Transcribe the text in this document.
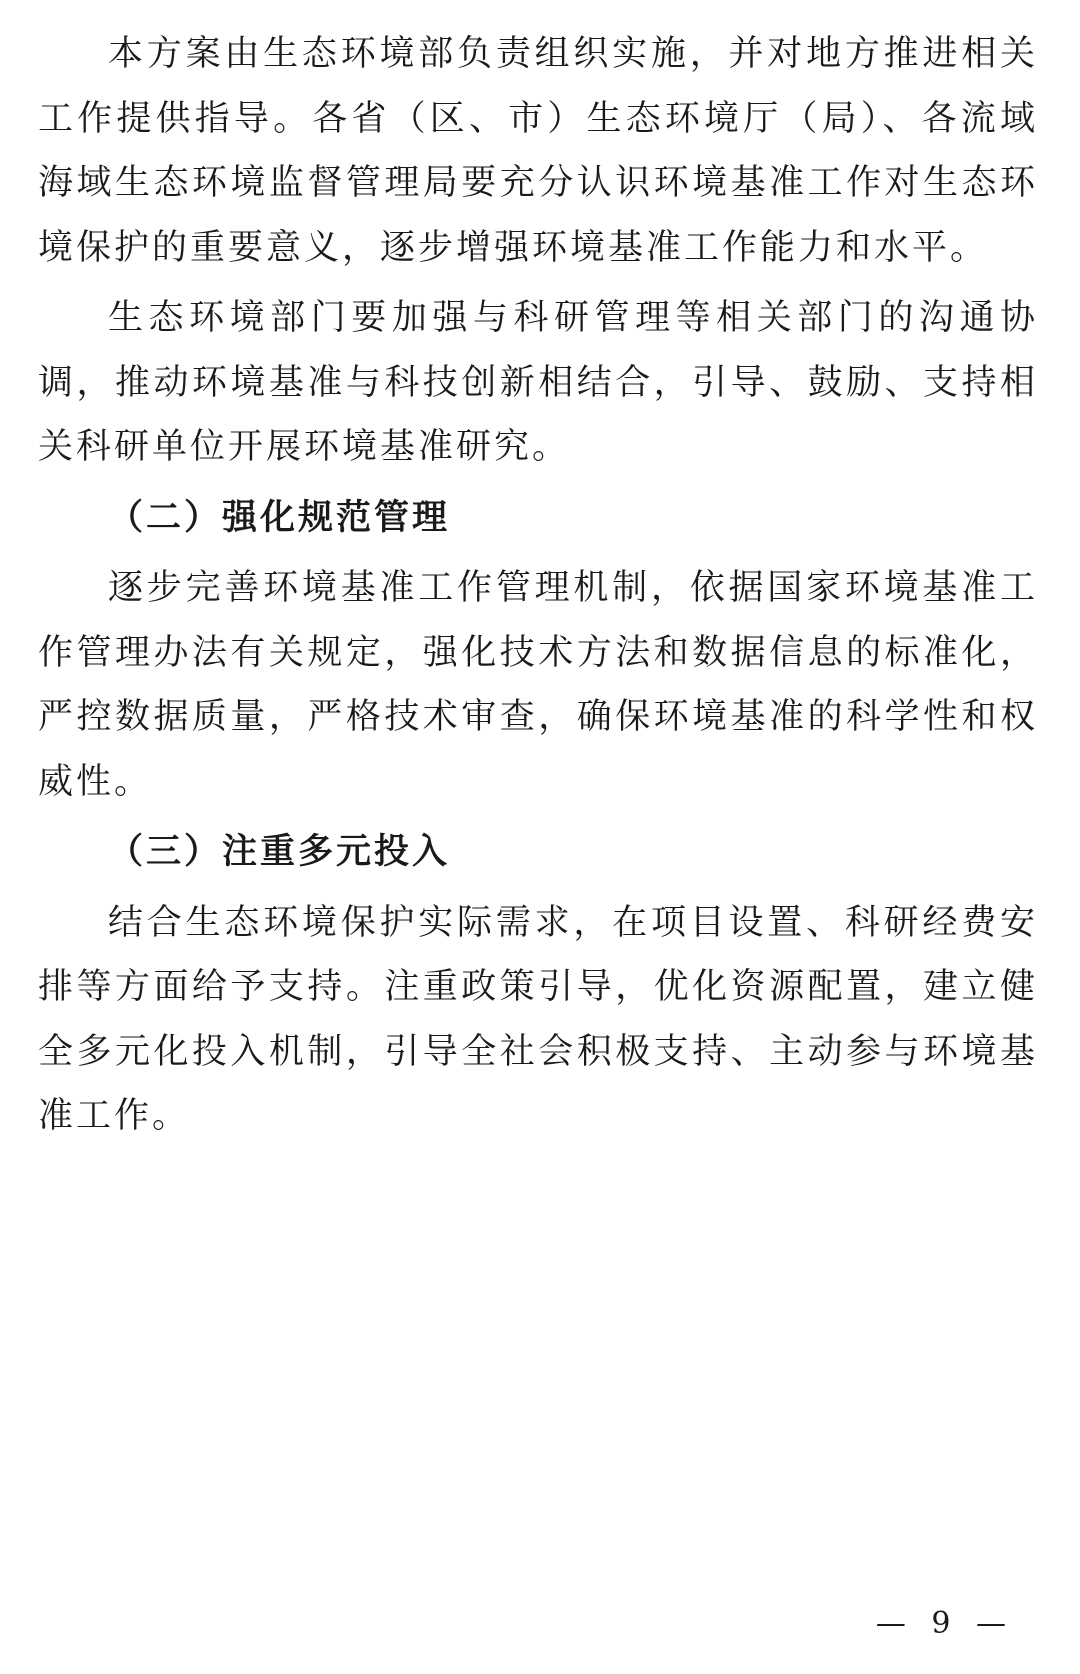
本方案由生态环境部负责组织实施，并对地方推进相关工作提供指导。各省（区、市）生态环境厅（局）、各流域海域生态环境监督管理局要充分认识环境基准工作对生态环境保护的重要意义，逐步增强环境基准工作能力和水平。

生态环境部门要加强与科研管理等相关部门的沟通协调，推动环境基准与科技创新相结合，引导、鼓励、支持相关科研单位开展环境基准研究。

（二）强化规范管理

逐步完善环境基准工作管理机制，依据国家环境基准工作管理办法有关规定，强化技术方法和数据信息的标准化，严控数据质量，严格技术审查，确保环境基准的科学性和权威性。

（三）注重多元投入

结合生态环境保护实际需求，在项目设置、科研经费安排等方面给予支持。注重政策引导，优化资源配置，建立健全多元化投入机制，引导全社会积极支持、主动参与环境基准工作。

— 9 —
